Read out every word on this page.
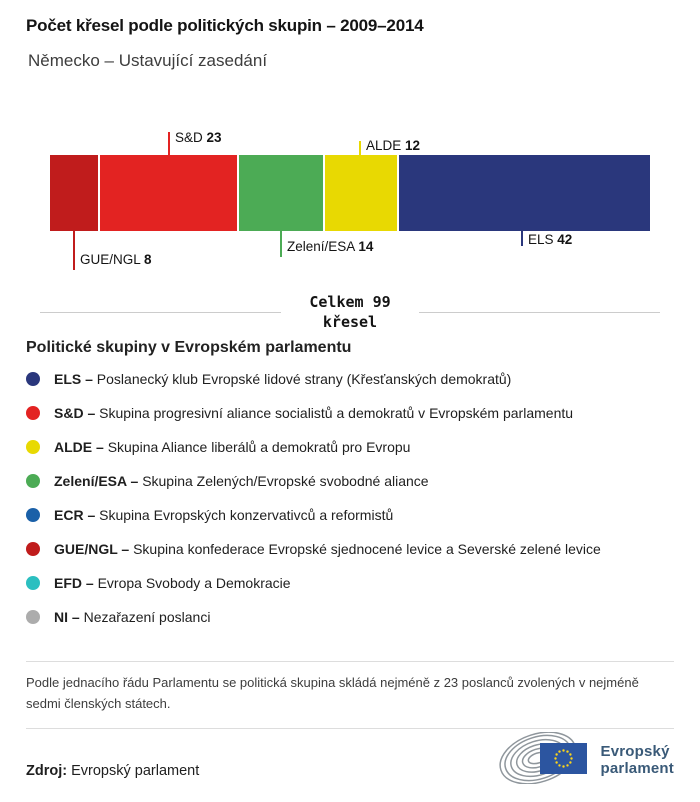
Počet křesel podle politických skupin – 2009–2014
Německo – Ustavující zasedání
S&D 23
ALDE 12
GUE/NGL 8
Zelení/ESA 14	ELS 42
Celkem 99
křesel
Politické skupiny v Evropském parlamentu
ELS – Poslanecký klub Evropské lidové strany (Křesťanských demokratů)
S&D – Skupina progresivní aliance socialistů a demokratů v Evropském parlamentu
ALDE – Skupina Aliance liberálů a demokratů pro Evropu
Zelení/ESA – Skupina Zelených/Evropské svobodné aliance
ECR – Skupina Evropských konzervativců a reformistů
GUE/NGL – Skupina konfederace Evropské sjednocené levice a Severské zelené levice
EFD – Evropa Svobody a Demokracie
NI – Nezařazení poslanci

Podle jednacího řádu Parlamentu se politická skupina skládá nejméně z 23 poslanců zvolených v nejméně sedmi členských státech.

Zdroj: Evropský parlament
Evropský
parlament
